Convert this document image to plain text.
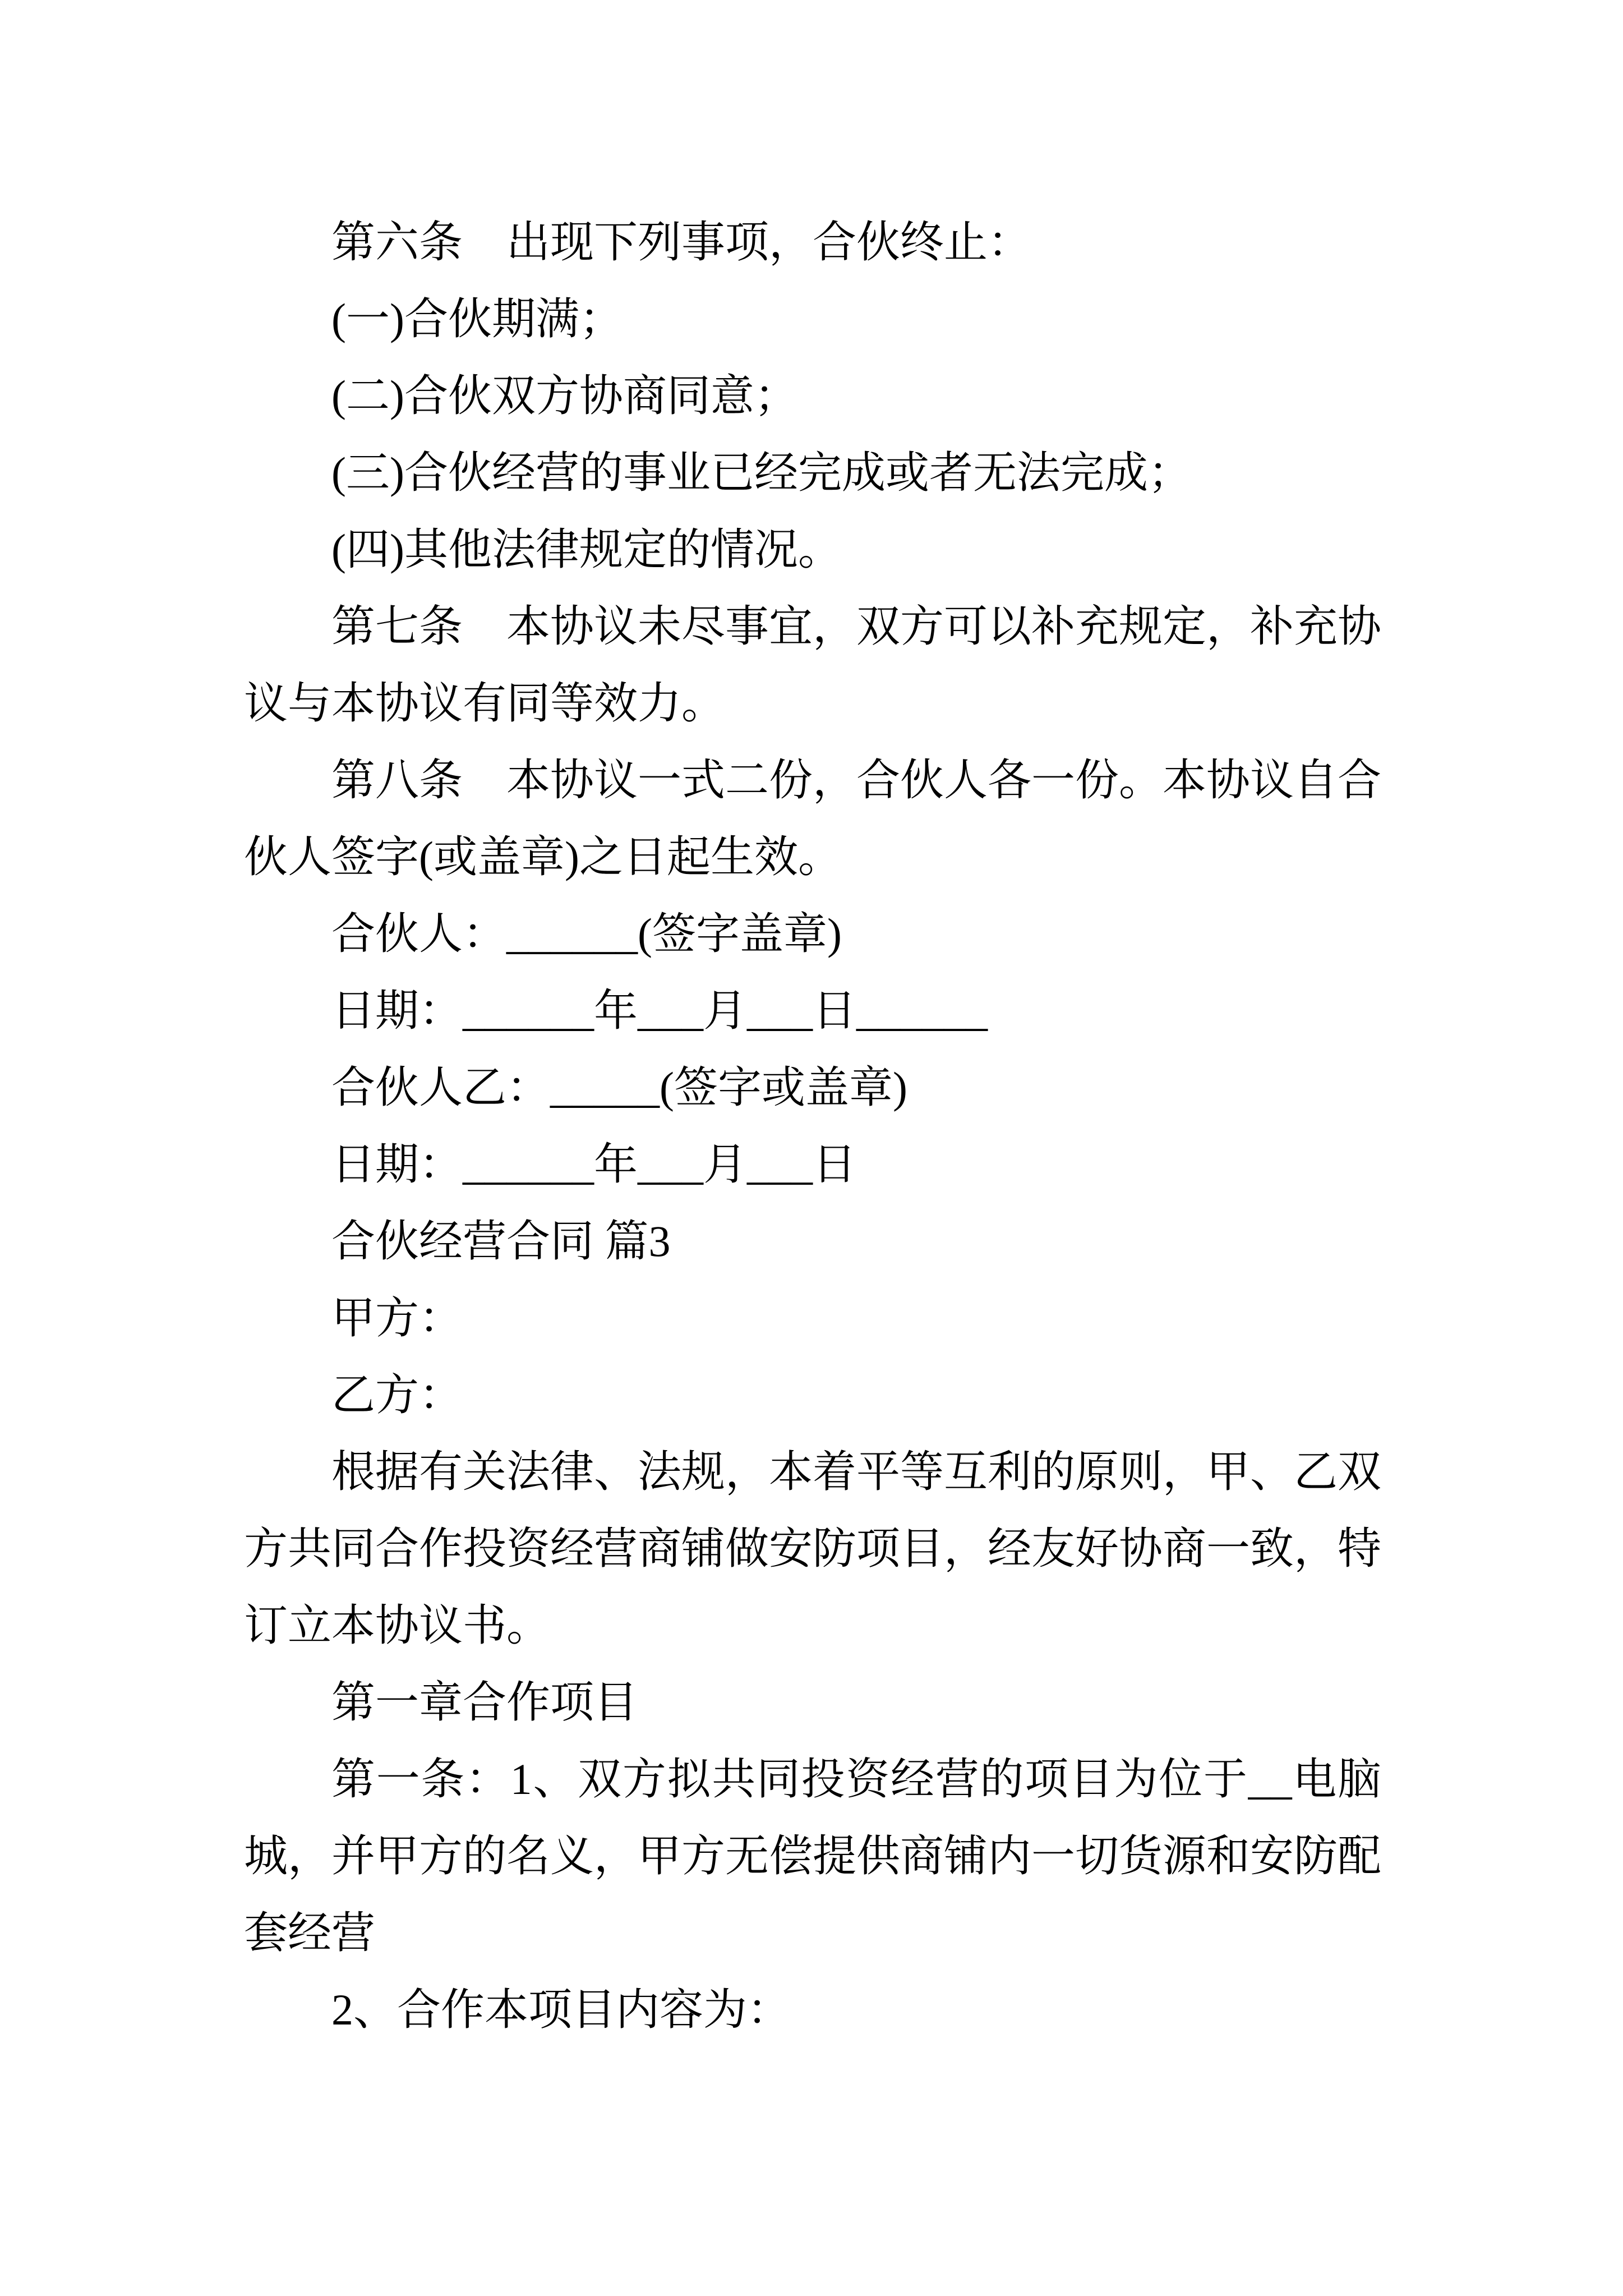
第六条　出现下列事项，合伙终止：
(一)合伙期满；
(二)合伙双方协商同意；
(三)合伙经营的事业已经完成或者无法完成；
(四)其他法律规定的情况。
第七条　本协议未尽事宜，双方可以补充规定，补充协
议与本协议有同等效力。
第八条　本协议一式二份，合伙人各一份。本协议自合
伙人签字(或盖章)之日起生效。
合伙人：______(签字盖章)
日期：______年___月___日______
合伙人乙：_____(签字或盖章)
日期：______年___月___日
合伙经营合同 篇3
甲方：
乙方：
根据有关法律、法规，本着平等互利的原则，甲、乙双
方共同合作投资经营商铺做安防项目，经友好协商一致，特
订立本协议书。
第一章合作项目
第一条：1、双方拟共同投资经营的项目为位于__电脑
城，并甲方的名义，甲方无偿提供商铺内一切货源和安防配
套经营
2、合作本项目内容为：
